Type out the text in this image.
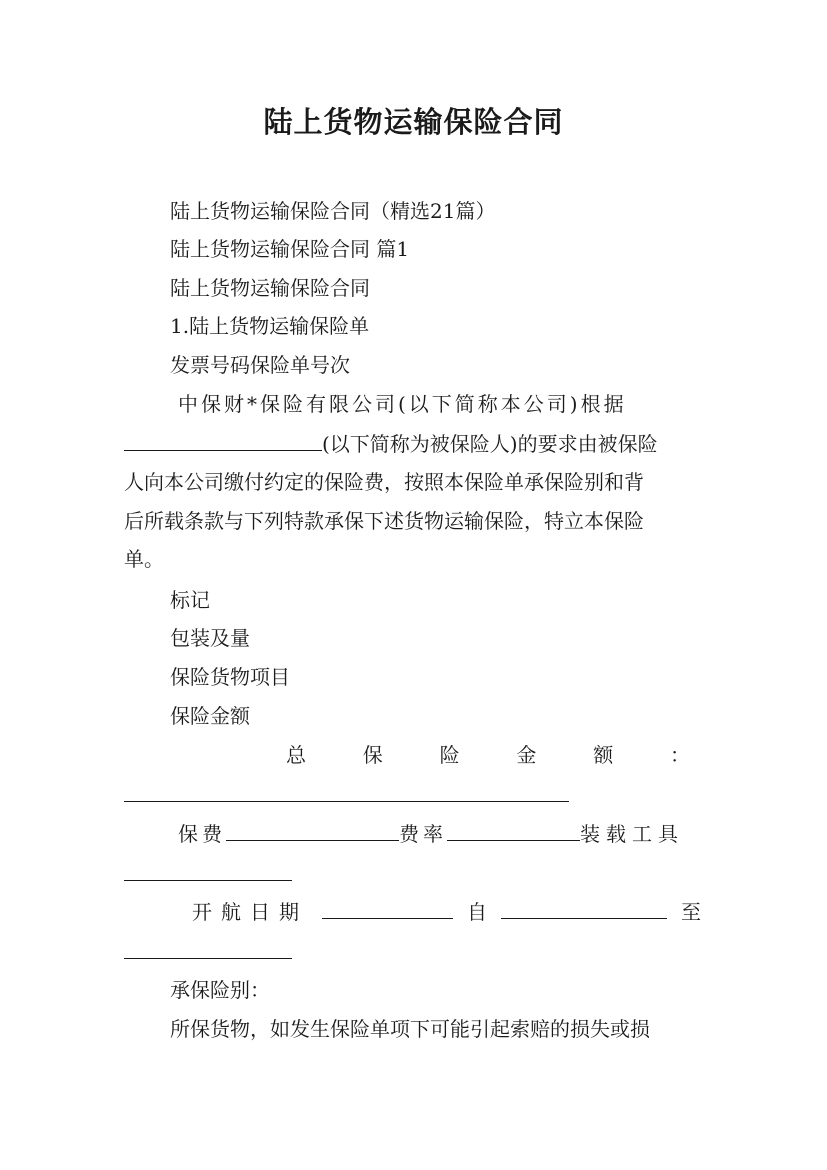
陆上货物运输保险合同
陆上货物运输保险合同（精选21篇）
陆上货物运输保险合同 篇1
陆上货物运输保险合同
1.陆上货物运输保险单
发票号码保险单号次
中保财*保险有限公司(以下简称本公司)根据
(以下简称为被保险人)的要求由被保险
人向本公司缴付约定的保险费，按照本保险单承保险别和背
后所载条款与下列特款承保下述货物运输保险，特立本保险
单。
标记
包装及量
保险货物项目
保险金额
总	保	险	金	额	：
保费	费率	装载工具
开航日期	自	至
承保险别：
所保货物，如发生保险单项下可能引起索赔的损失或损
